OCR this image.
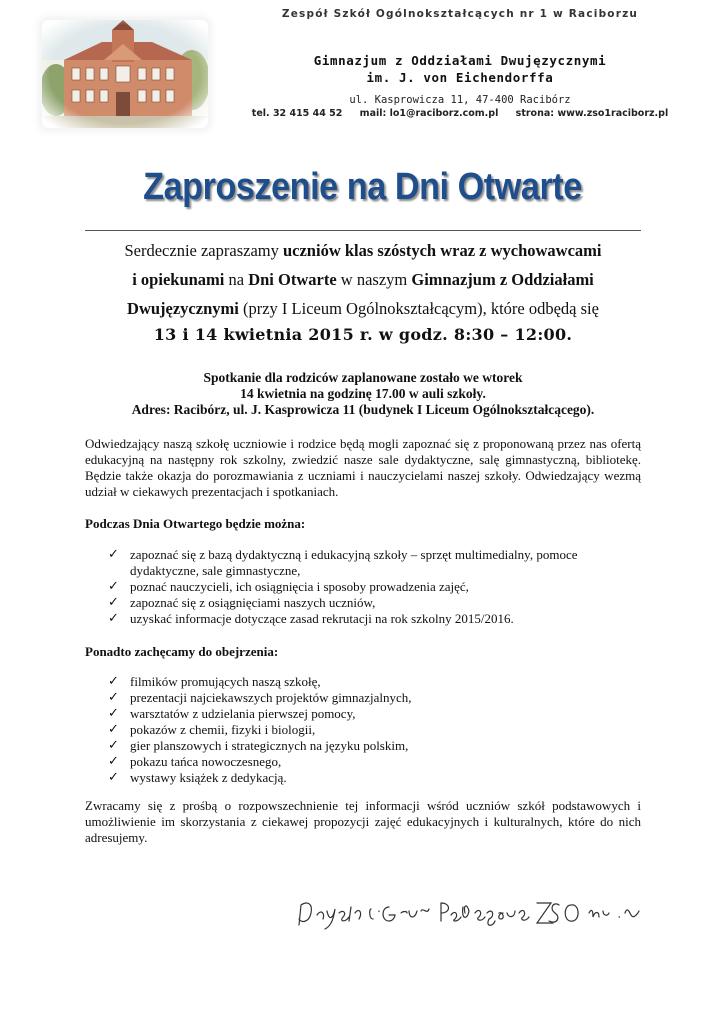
Zespół Szkół Ogólnokształcących nr 1 w Raciborzu
Gimnazjum z Oddziałami Dwujęzycznymi
im. J. von Eichendorffa
ul. Kasprowicza 11, 47-400 Racibórz
tel. 32 415 44 52 mail: lo1@raciborz.com.pl strona: www.zso1raciborz.pl
Zaproszenie na Dni Otwarte

Serdecznie zapraszamy uczniów klas szóstych wraz z wychowawcami

i opiekunami na Dni Otwarte w naszym Gimnazjum z Oddziałami

Dwujęzycznymi (przy I Liceum Ogólnokształcącym), które odbędą się

13 i 14 kwietnia 2015 r. w godz. 8:30 – 12:00.
Spotkanie dla rodziców zaplanowane zostało we wtorek
14 kwietnia na godzinę 17.00 w auli szkoły.
Adres: Racibórz, ul. J. Kasprowicza 11 (budynek I Liceum Ogólnokształcącego).
Odwiedzający naszą szkołę uczniowie i rodzice będą mogli zapoznać się z proponowaną przez nas ofertą edukacyjną na następny rok szkolny, zwiedzić nasze sale dydaktyczne, salę gimnastyczną, bibliotekę. Będzie także okazja do porozmawiania z uczniami i nauczycielami naszej szkoły. Odwiedzający wezmą udział w ciekawych prezentacjach i spotkaniach.
Podczas Dnia Otwartego będzie można:
✓ zapoznać się z bazą dydaktyczną i edukacyjną szkoły – sprzęt multimedialny, pomoce dydaktyczne, sale gimnastyczne,
✓ poznać nauczycieli, ich osiągnięcia i sposoby prowadzenia zajęć,
✓ zapoznać się z osiągnięciami naszych uczniów,
✓ uzyskać informacje dotyczące zasad rekrutacji na rok szkolny 2015/2016.
Ponadto zachęcamy do obejrzenia:
✓ filmików promujących naszą szkołę,
✓ prezentacji najciekawszych projektów gimnazjalnych,
✓ warsztatów z udzielania pierwszej pomocy,
✓ pokazów z chemii, fizyki i biologii,
✓ gier planszowych i strategicznych na języku polskim,
✓ pokazu tańca nowoczesnego,
✓ wystawy książek z dedykacją.
Zwracamy się z prośbą o rozpowszechnienie tej informacji wśród uczniów szkół podstawowych i umożliwienie im skorzystania z ciekawej propozycji zajęć edukacyjnych i kulturalnych, które do nich adresujemy.
